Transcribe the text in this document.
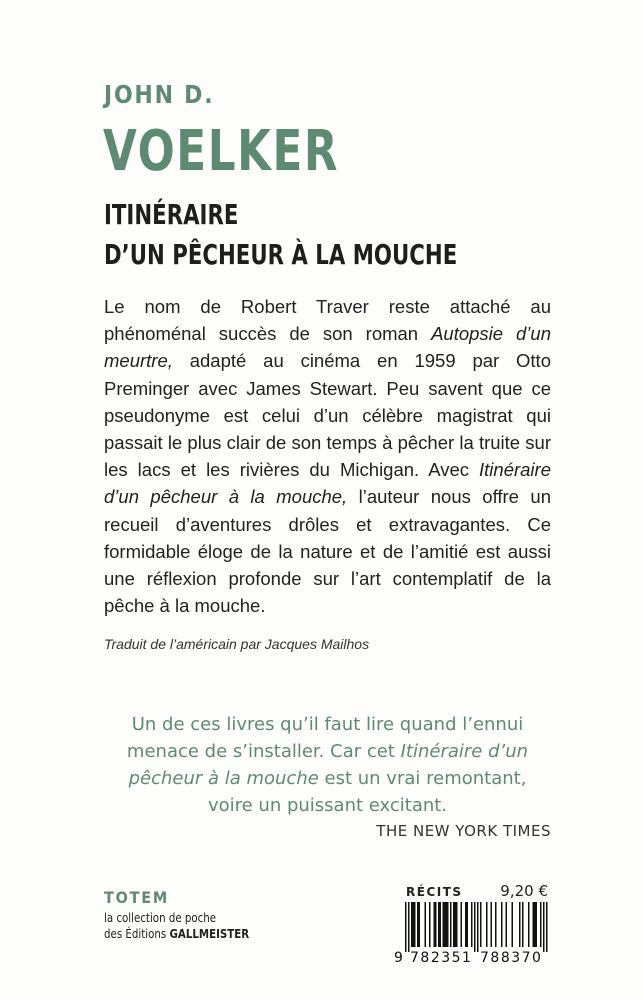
JOHN D.
VOELKER
ITINÉRAIRE
D’UN PÊCHEUR À LA MOUCHE
Le nom de Robert Traver reste attaché au phénoménal succès de son roman Autopsie d’un meurtre, adapté au cinéma en 1959 par Otto Preminger avec James Stewart. Peu savent que ce pseudonyme est celui d’un célèbre magistrat qui passait le plus clair de son temps à pêcher la truite sur les lacs et les rivières du Michigan. Avec Itinéraire d’un pêcheur à la mouche, l’auteur nous offre un recueil d’aventures drôles et extravagantes. Ce formidable éloge de la nature et de l’amitié est aussi une réflexion profonde sur l’art contemplatif de la pêche à la mouche.
Traduit de l’américain par Jacques Mailhos
Un de ces livres qu’il faut lire quand l’ennui menace de s’installer. Car cet Itinéraire d’un pêcheur à la mouche est un vrai remontant, voire un puissant excitant.
THE NEW YORK TIMES
TOTEM
la collection de poche
des Éditions GALLMEISTER
RÉCITS	9,20 €
9 782351 788370
